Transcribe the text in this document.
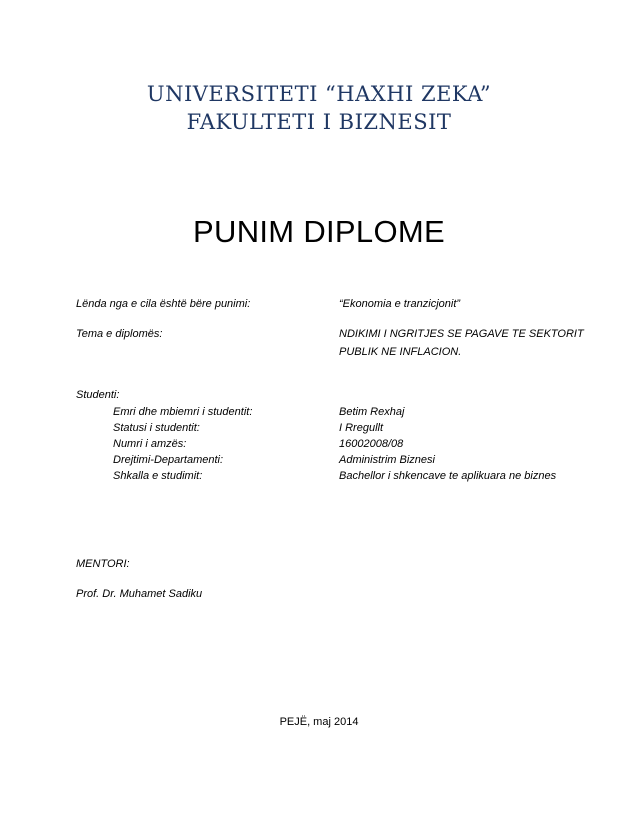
UNIVERSITETI “HAXHI ZEKA”
FAKULTETI I BIZNESIT
PUNIM DIPLOME
Lënda nga e cila është bëre punimi:	“Ekonomia e tranzicjonit”
Tema e diplomës:	NDIKIMI I NGRITJES SE PAGAVE TE SEKTORIT
PUBLIK NE INFLACION.
Studenti:
Emri dhe mbiemri i studentit:	Betim Rexhaj
Statusi i studentit:	I Rregullt
Numri i amzës:	16002008/08
Drejtimi-Departamenti:	Administrim Biznesi
Shkalla e studimit:	Bachellor i shkencave te aplikuara ne biznes
MENTORI:
Prof. Dr. Muhamet Sadiku
PEJË, maj 2014
